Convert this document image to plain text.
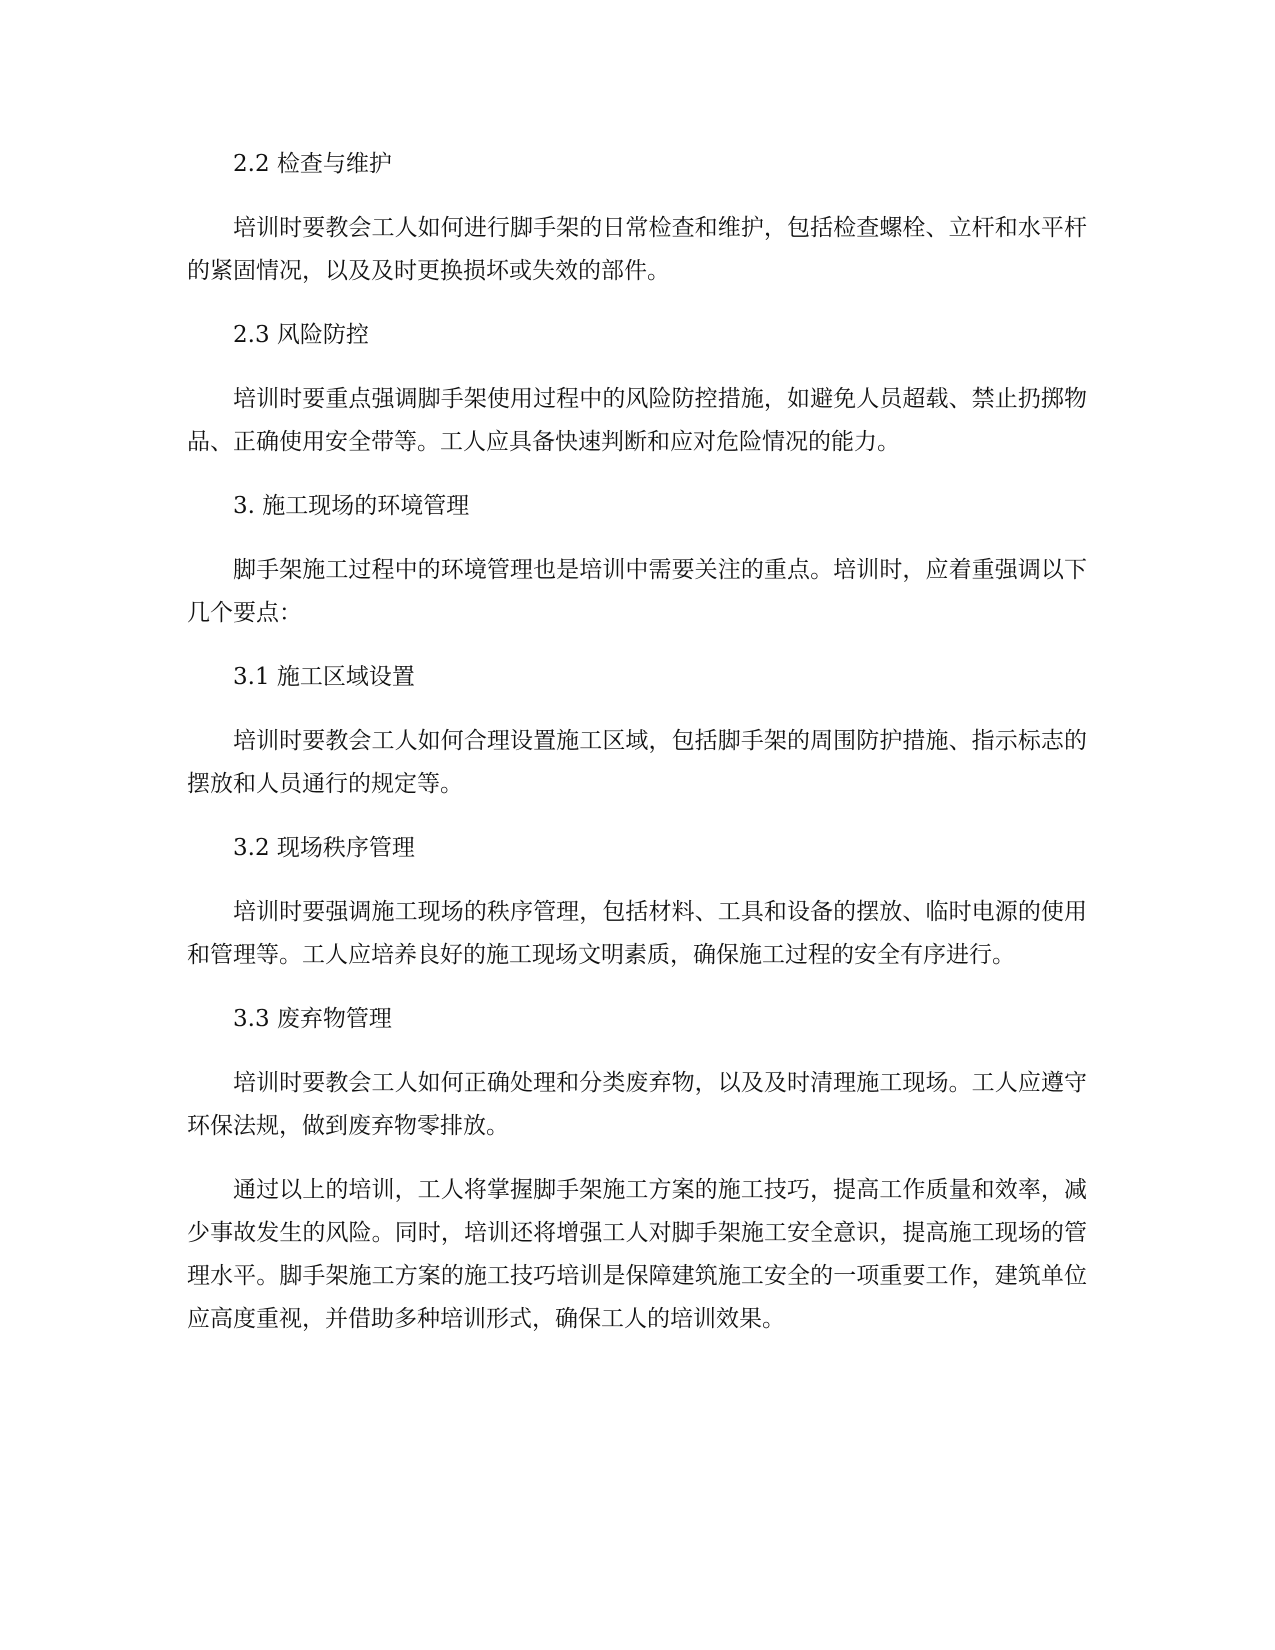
2.2 检查与维护

培训时要教会工人如何进行脚手架的日常检查和维护，包括检查螺栓、立杆和水平杆的紧固情况，以及及时更换损坏或失效的部件。

2.3 风险防控

培训时要重点强调脚手架使用过程中的风险防控措施，如避免人员超载、禁止扔掷物品、正确使用安全带等。工人应具备快速判断和应对危险情况的能力。

3. 施工现场的环境管理

脚手架施工过程中的环境管理也是培训中需要关注的重点。培训时，应着重强调以下几个要点：

3.1 施工区域设置

培训时要教会工人如何合理设置施工区域，包括脚手架的周围防护措施、指示标志的摆放和人员通行的规定等。

3.2 现场秩序管理

培训时要强调施工现场的秩序管理，包括材料、工具和设备的摆放、临时电源的使用和管理等。工人应培养良好的施工现场文明素质，确保施工过程的安全有序进行。

3.3 废弃物管理

培训时要教会工人如何正确处理和分类废弃物，以及及时清理施工现场。工人应遵守环保法规，做到废弃物零排放。

通过以上的培训，工人将掌握脚手架施工方案的施工技巧，提高工作质量和效率，减少事故发生的风险。同时，培训还将增强工人对脚手架施工安全意识，提高施工现场的管理水平。脚手架施工方案的施工技巧培训是保障建筑施工安全的一项重要工作，建筑单位应高度重视，并借助多种培训形式，确保工人的培训效果。
